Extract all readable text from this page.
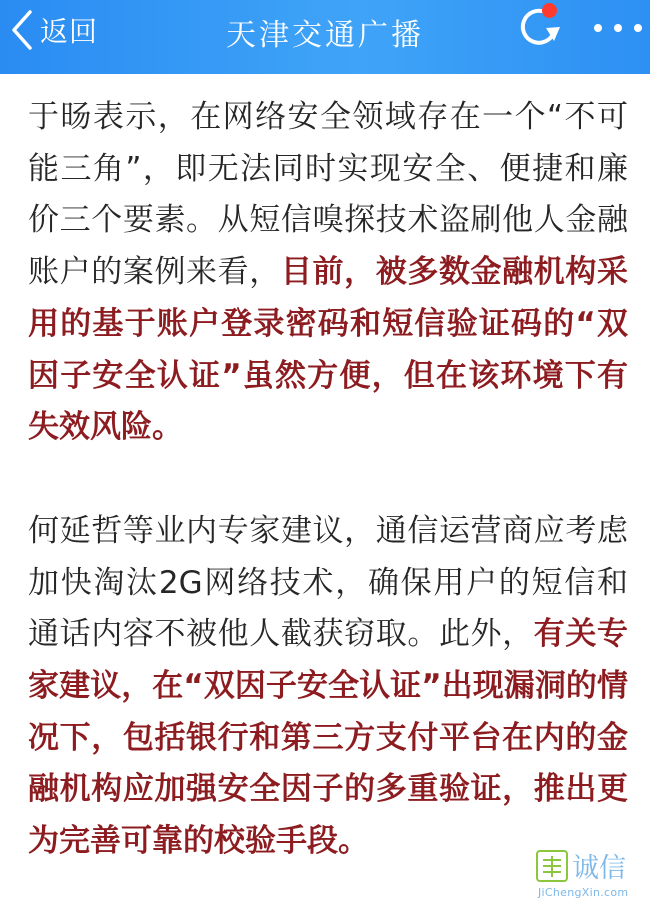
返回	天津交通广播

于旸表示，在网络安全领域存在一个“不可能三角”，即无法同时实现安全、便捷和廉价三个要素。从短信嗅探技术盗刷他人金融账户的案例来看，目前，被多数金融机构采用的基于账户登录密码和短信验证码的“双因子安全认证”虽然方便，但在该环境下有失效风险。

何延哲等业内专家建议，通信运营商应考虑加快淘汰2G网络技术，确保用户的短信和通话内容不被他人截获窃取。此外，有关专家建议，在“双因子安全认证”出现漏洞的情况下，包括银行和第三方支付平台在内的金融机构应加强安全因子的多重验证，推出更为完善可靠的校验手段。

诚信
JiChengXin.com
